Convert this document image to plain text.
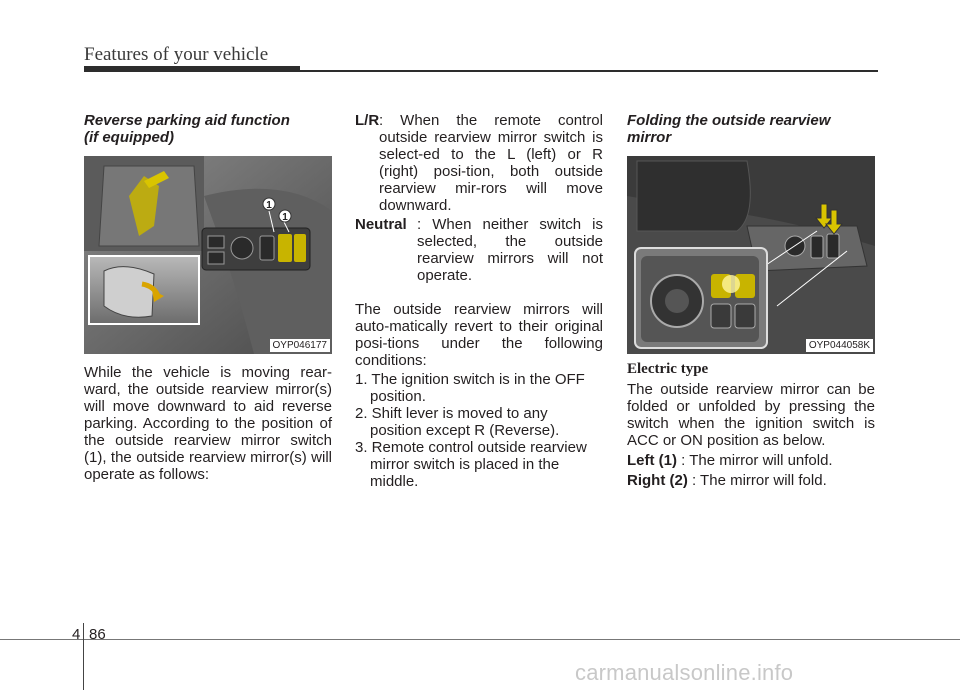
Features of your vehicle

Reverse parking aid function
(if equipped)

1
1
OYP046177

While the vehicle is moving rear-ward, the outside rearview mirror(s) will move downward to aid reverse parking. According to the position of the outside rearview mirror switch (1), the outside rearview mirror(s) will operate as follows:

L/R : When the remote control outside rearview mirror switch is select-ed to the L (left) or R (right) posi-tion, both outside rearview mir-rors will move downward.
Neutral : When neither switch is selected, the outside rearview mirrors will not operate.

The outside rearview mirrors will auto-matically revert to their original posi-tions under the following conditions:

1. The ignition switch is in the OFF position.

2. Shift lever is moved to any position except R (Reverse).

3. Remote control outside rearview mirror switch is placed in the middle.

Folding the outside rearview mirror

OYP044058K

Electric type

The outside rearview mirror can be folded or unfolded by pressing the switch when the ignition switch is ACC or ON position as below.

Left (1) : The mirror will unfold.

Right (2) : The mirror will fold.

4 86
carmanualsonline.info
